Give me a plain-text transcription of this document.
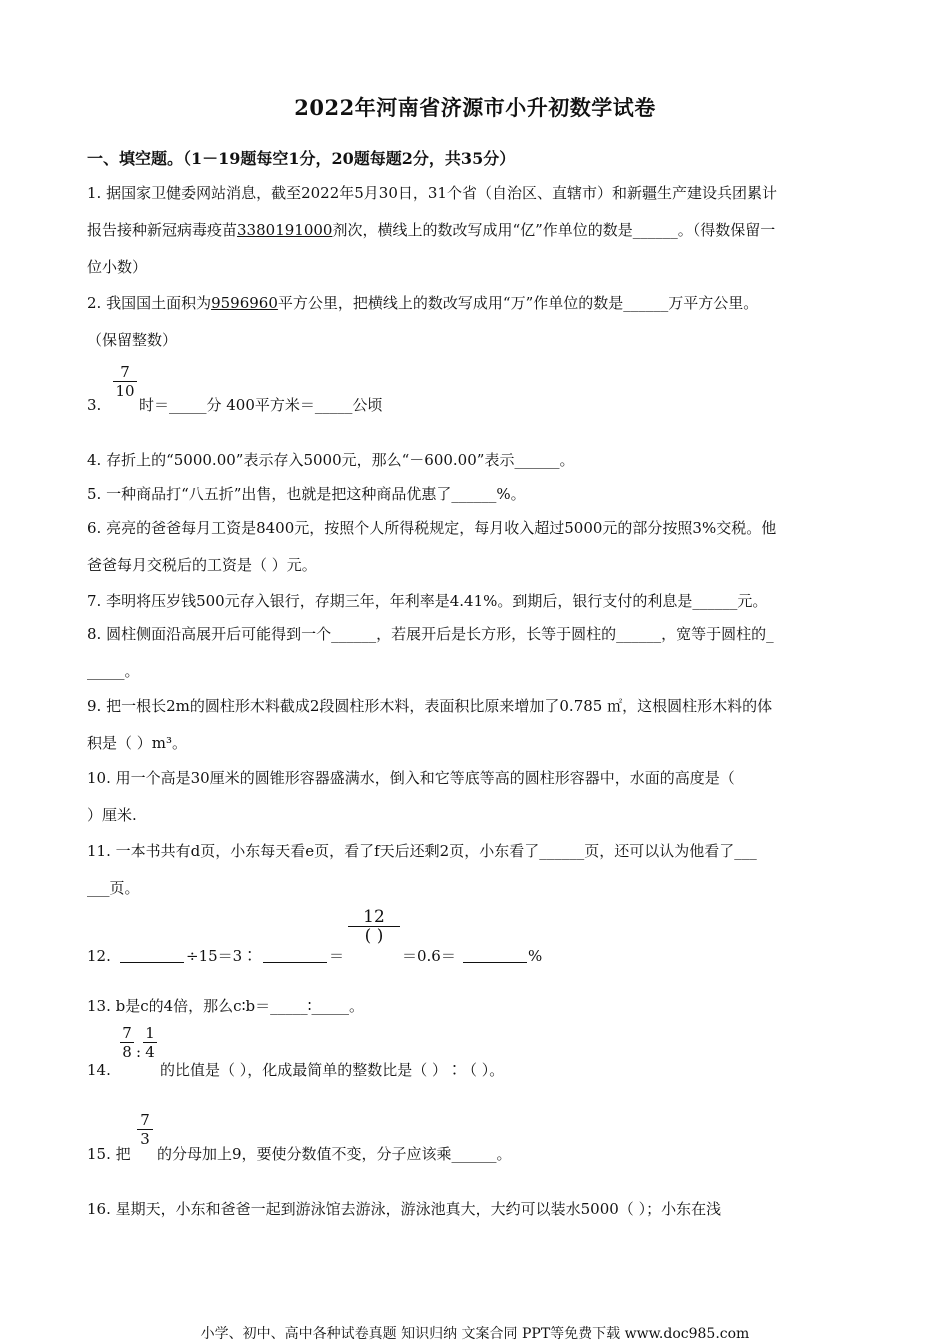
2022年河南省济源市小升初数学试卷
一、填空题。（1－19题每空1分，20题每题2分，共35分）
1. 据国家卫健委网站消息，截至2022年5月30日，31个省（自治区、直辖市）和新疆生产建设兵团累计
报告接种新冠病毒疫苗3380191000剂次，横线上的数改写成用“亿”作单位的数是______。（得数保留一
位小数）
2. 我国国土面积为9596960平方公里，把横线上的数改写成用“万”作单位的数是______万平方公里。
（保留整数）
7
10
3.	时＝_____分 400平方米＝_____公顷
4. 存折上的“5000.00”表示存入5000元，那么“－600.00”表示______。
5. 一种商品打“八五折”出售，也就是把这种商品优惠了______%。
6. 亮亮的爸爸每月工资是8400元，按照个人所得税规定，每月收入超过5000元的部分按照3%交税。他
爸爸每月交税后的工资是（ ）元。
7. 李明将压岁钱500元存入银行，存期三年，年利率是4.41%。到期后，银行支付的利息是______元。
8. 圆柱侧面沿高展开后可能得到一个______，若展开后是长方形，长等于圆柱的______，宽等于圆柱的_
_____。
9. 把一根长2m的圆柱形木料截成2段圆柱形木料，表面积比原来增加了0.785 ㎡，这根圆柱形木料的体
积是（ ）m³。
10. 用一个高是30厘米的圆锥形容器盛满水，倒入和它等底等高的圆柱形容器中，水面的高度是（
）厘米.
11. 一本书共有d页，小东每天看e页，看了f天后还剩2页，小东看了______页，还可以认为他看了___
___页。
12.	÷15＝3∶	＝
12
( )
＝0.6＝	%
13. b是c的4倍，那么c∶b＝_____∶_____。
14.
7
8 :
1
4
的比值是（ ），化成最简单的整数比是（ ）∶（ ）。
15. 把
7
3
的分母加上9，要使分数值不变，分子应该乘______。
16. 星期天，小东和爸爸一起到游泳馆去游泳，游泳池真大，大约可以装水5000（ ）；小东在浅
小学、初中、高中各种试卷真题 知识归纳 文案合同 PPT等免费下载 www.doc985.com
